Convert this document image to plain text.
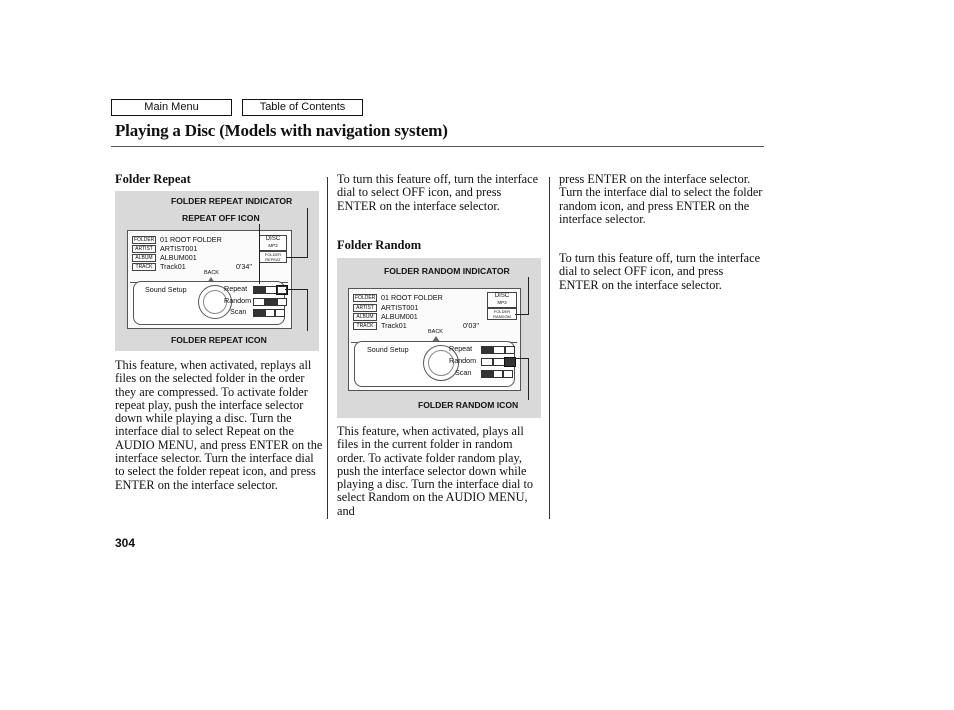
Main Menu	Table of Contents
Playing a Disc (Models with navigation system)
Folder Repeat
FOLDER REPEAT INDICATOR
REPEAT OFF ICON
FOLDER 01 ROOT FOLDER
ARTIST ARTIST001
ALBUM ALBUM001
TRACK Track01	0'34"
DISC
MP3
FOLDER REPEAT
BACK
Sound Setup	Repeat
Random
Scan
FOLDER REPEAT ICON
This feature, when activated, replays all files on the selected folder in the order they are compressed. To activate folder repeat play, push the interface selector down while playing a disc. Turn the interface dial to select Repeat on the AUDIO MENU, and press ENTER on the interface selector. Turn the interface dial to select the folder repeat icon, and press ENTER on the interface selector.
To turn this feature off, turn the interface dial to select OFF icon, and press ENTER on the interface selector.
Folder Random
FOLDER RANDOM INDICATOR
FOLDER 01 ROOT FOLDER
ARTIST ARTIST001
ALBUM ALBUM001
TRACK Track01	0'03"
DISC
MP3
FOLDER RANDOM
BACK
Sound Setup	Repeat
Random
Scan
FOLDER RANDOM ICON
This feature, when activated, plays all files in the current folder in random order. To activate folder random play, push the interface selector down while playing a disc. Turn the interface dial to select Random on the AUDIO MENU, and
press ENTER on the interface selector. Turn the interface dial to select the folder random icon, and press ENTER on the interface selector.
To turn this feature off, turn the interface dial to select OFF icon, and press ENTER on the interface selector.
304
